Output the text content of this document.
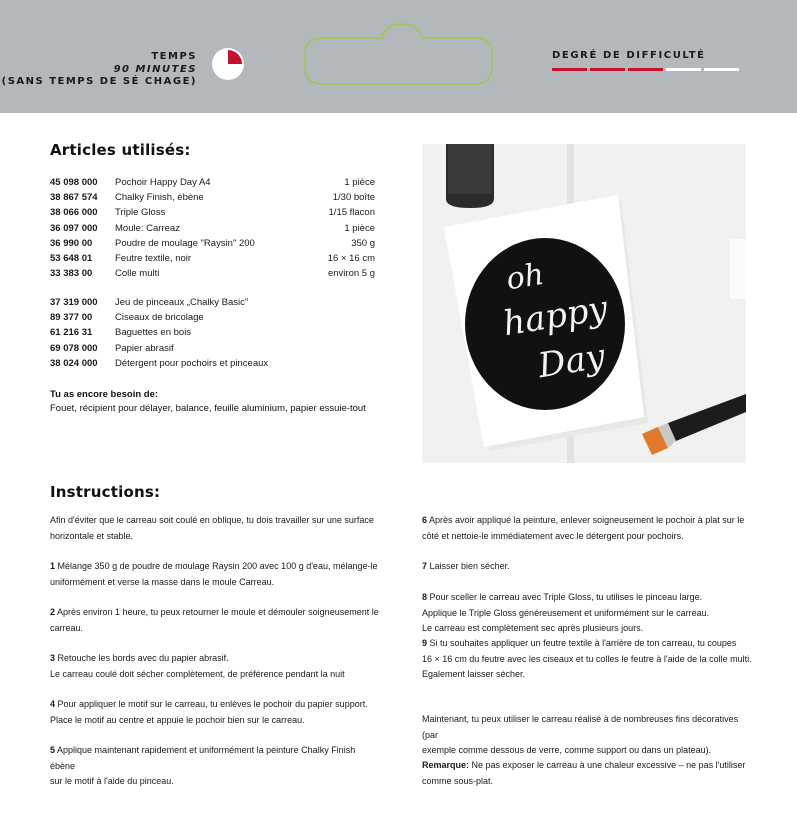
TEMPS
90 MINUTES
(SANS TEMPS DE SÉ CHAGE)
DEGRÉ DE DIFFICULTÉ
Articles utilisés:
45 098 000 Pochoir Happy Day A4	1 pièce
38 867 574 Chalky Finish, ébène	1/30 boîte
38 066 000 Triple Gloss	1/15 flacon
36 097 000 Moule: Carreaz	1 pièce
36 990 00 Poudre de moulage "Raysin" 200	350 g
53 648 01 Feutre textile, noir	16 × 16 cm
33 383 00 Colle multi	environ 5 g
37 319 000 Jeu de pinceaux „Chalky Basic"
89 377 00 Ciseaux de bricolage
61 216 31 Baguettes en bois
69 078 000 Papier abrasif
38 024 000 Détergent pour pochoirs et pinceaux
Tu as encore besoin de:
Fouet, récipient pour délayer, balance, feuille aluminium, papier essuie-tout
oh
happy
Day
Instructions:

Afin d'éviter que le carreau soit coulé en oblique, tu dois travailler sur une surface
horizontale et stable.

1 Mélange 350 g de poudre de moulage Raysin 200 avec 100 g d'eau, mélange-le
uniformément et verse la masse dans le moule Carreau.

2 Après environ 1 heure, tu peux retourner le moule et démouler soigneusement le
carreau.

3 Retouche les bords avec du papier abrasif.
Le carreau coulé doit sécher complètement, de préférence pendant la nuit

4 Pour appliquer le motif sur le carreau, tu enlèves le pochoir du papier support.
Place le motif au centre et appuie le pochoir bien sur le carreau.

5 Applique maintenant rapidement et uniformément la peinture Chalky Finish ébène
sur le motif à l'aide du pinceau.

6 Après avoir appliqué la peinture, enlever soigneusement le pochoir à plat sur le
côté et nettoie-le immédiatement avec le détergent pour pochoirs.

7 Laisser bien sécher.

8 Pour sceller le carreau avec Triple Gloss, tu utilises le pinceau large.
Applique le Triple Gloss généreusement et uniformément sur le carreau.
Le carreau est complètement sec après plusieurs jours.

9 Si tu souhaites appliquer un feutre textile à l'arrière de ton carreau, tu coupes
16 × 16 cm du feutre avec les ciseaux et tu colles le feutre à l'aide de la colle multi.
Egalement laisser sécher.

Maintenant, tu peux utiliser le carreau réalisé à de nombreuses fins décoratives (par
exemple comme dessous de verre, comme support ou dans un plateau).

Remarque: Ne pas exposer le carreau à une chaleur excessive – ne pas l'utiliser
comme sous-plat.
